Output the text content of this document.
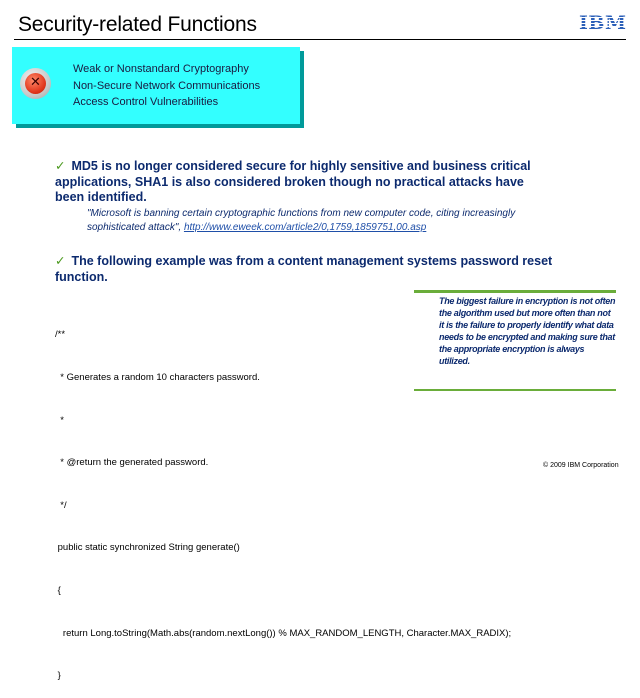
Security-related Functions	IBM
✕
Weak or Nonstandard Cryptography
Non-Secure Network Communications
Access Control Vulnerabilities
✓ MD5 is no longer considered secure for highly sensitive and business critical applications, SHA1 is also considered broken though no practical attacks have been identified.
"Microsoft is banning certain cryptographic functions from new computer code, citing increasingly sophisticated attack", http://www.eweek.com/article2/0,1759,1859751,00.asp
✓ The following example was from a content management systems password reset function.

/**

* Generates a random 10 characters password.

*

* @return the generated password.

*/

public static synchronized String generate()

{

return Long.toString(Math.abs(random.nextLong()) % MAX_RANDOM_LENGTH, Character.MAX_RADIX);

}

The biggest failure in encryption is not often the algorithm used but more often than not it is the failure to properly identify what data needs to be encrypted and making sure that the appropriate encryption is always utilized.

© 2009 IBM Corporation
